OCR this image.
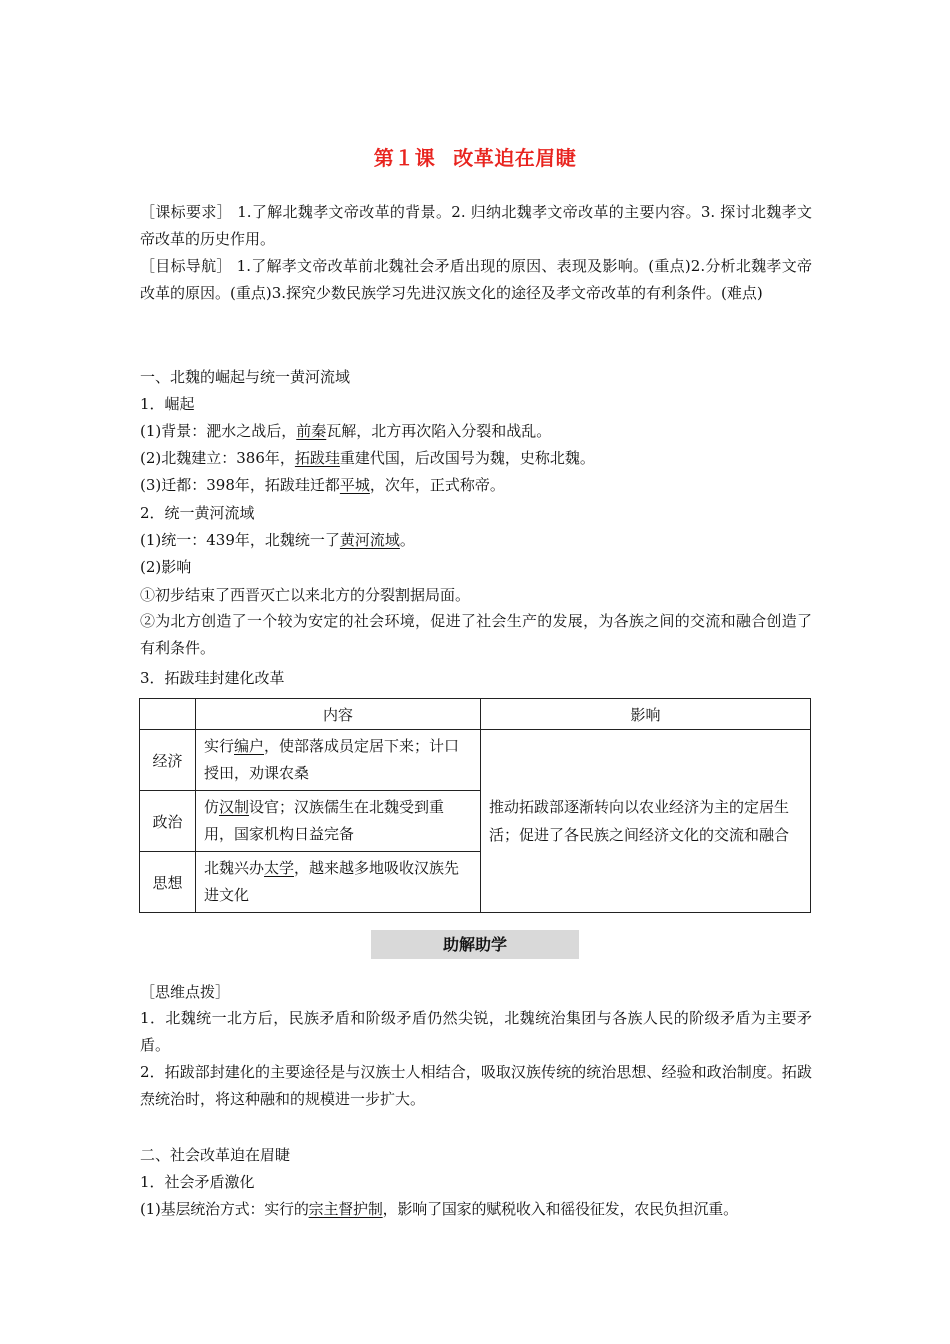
第１课 改革迫在眉睫
［课标要求］ 1.了解北魏孝文帝改革的背景。2. 归纳北魏孝文帝改革的主要内容。3. 探讨北魏孝文帝改革的历史作用。
［目标导航］ 1.了解孝文帝改革前北魏社会矛盾出现的原因、表现及影响。(重点)2.分析北魏孝文帝改革的原因。(重点)3.探究少数民族学习先进汉族文化的途径及孝文帝改革的有利条件。(难点)
一、北魏的崛起与统一黄河流域
1．崛起
(1)背景：淝水之战后，前秦瓦解，北方再次陷入分裂和战乱。
(2)北魏建立：386年，拓跋珪重建代国，后改国号为魏，史称北魏。
(3)迁都：398年，拓跋珪迁都平城，次年，正式称帝。
2．统一黄河流域
(1)统一：439年，北魏统一了黄河流域。
(2)影响
①初步结束了西晋灭亡以来北方的分裂割据局面。
②为北方创造了一个较为安定的社会环境，促进了社会生产的发展，为各族之间的交流和融合创造了有利条件。
3．拓跋珪封建化改革
	内容	影响
经济	实行编户，使部落成员定居下来；计口授田，劝课农桑	推动拓跋部逐渐转向以农业经济为主的定居生活；促进了各民族之间经济文化的交流和融合
政治	仿汉制设官；汉族儒生在北魏受到重用，国家机构日益完备	
思想	北魏兴办太学，越来越多地吸收汉族先进文化	
助解助学
［思维点拨］
1．北魏统一北方后，民族矛盾和阶级矛盾仍然尖锐，北魏统治集团与各族人民的阶级矛盾为主要矛盾。
2．拓跋部封建化的主要途径是与汉族士人相结合，吸取汉族传统的统治思想、经验和政治制度。拓跋焘统治时，将这种融和的规模进一步扩大。
二、社会改革迫在眉睫
1．社会矛盾激化
(1)基层统治方式：实行的宗主督护制，影响了国家的赋税收入和徭役征发，农民负担沉重。
